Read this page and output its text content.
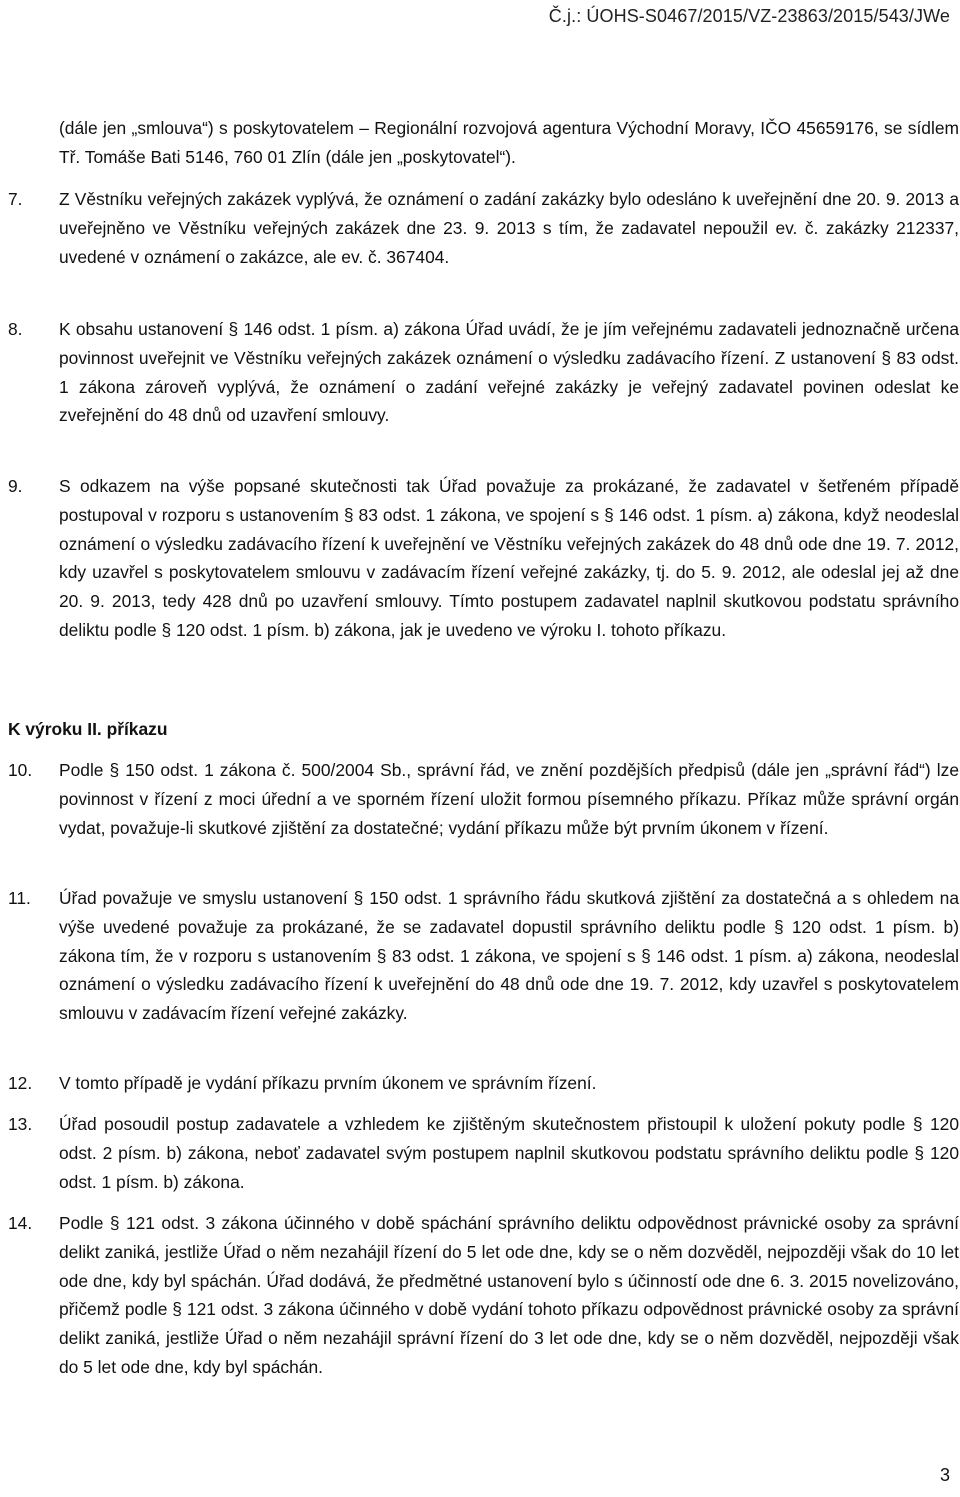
Č.j.: ÚOHS-S0467/2015/VZ-23863/2015/543/JWe
(dále jen „smlouva“) s poskytovatelem – Regionální rozvojová agentura Východní Moravy, IČO 45659176, se sídlem Tř. Tomáše Bati 5146, 760 01 Zlín (dále jen „poskytovatel“).
7. Z Věstníku veřejných zakázek vyplývá, že oznámení o zadání zakázky bylo odesláno k uveřejnění dne 20. 9. 2013 a uveřejněno ve Věstníku veřejných zakázek dne 23. 9. 2013 s tím, že zadavatel nepoužil ev. č. zakázky 212337, uvedené v oznámení o zakázce, ale ev. č. 367404.
8. K obsahu ustanovení § 146 odst. 1 písm. a) zákona Úřad uvádí, že je jím veřejnému zadavateli jednoznačně určena povinnost uveřejnit ve Věstníku veřejných zakázek oznámení o výsledku zadávacího řízení. Z ustanovení § 83 odst. 1 zákona zároveň vyplývá, že oznámení o zadání veřejné zakázky je veřejný zadavatel povinen odeslat ke zveřejnění do 48 dnů od uzavření smlouvy.
9. S odkazem na výše popsané skutečnosti tak Úřad považuje za prokázané, že zadavatel v šetřeném případě postupoval v rozporu s ustanovením § 83 odst. 1 zákona, ve spojení s § 146 odst. 1 písm. a) zákona, když neodeslal oznámení o výsledku zadávacího řízení k uveřejnění ve Věstníku veřejných zakázek do 48 dnů ode dne 19. 7. 2012, kdy uzavřel s poskytovatelem smlouvu v zadávacím řízení veřejné zakázky, tj. do 5. 9. 2012, ale odeslal jej až dne 20. 9. 2013, tedy 428 dnů po uzavření smlouvy. Tímto postupem zadavatel naplnil skutkovou podstatu správního deliktu podle § 120 odst. 1 písm. b) zákona, jak je uvedeno ve výroku I. tohoto příkazu.
K výroku II. příkazu
10. Podle § 150 odst. 1 zákona č. 500/2004 Sb., správní řád, ve znění pozdějších předpisů (dále jen „správní řád“) lze povinnost v řízení z moci úřední a ve sporném řízení uložit formou písemného příkazu. Příkaz může správní orgán vydat, považuje-li skutkové zjištění za dostatečné; vydání příkazu může být prvním úkonem v řízení.
11. Úřad považuje ve smyslu ustanovení § 150 odst. 1 správního řádu skutková zjištění za dostatečná a s ohledem na výše uvedené považuje za prokázané, že se zadavatel dopustil správního deliktu podle § 120 odst. 1 písm. b) zákona tím, že v rozporu s ustanovením § 83 odst. 1 zákona, ve spojení s § 146 odst. 1 písm. a) zákona, neodeslal oznámení o výsledku zadávacího řízení k uveřejnění do 48 dnů ode dne 19. 7. 2012, kdy uzavřel s poskytovatelem smlouvu v zadávacím řízení veřejné zakázky.
12. V tomto případě je vydání příkazu prvním úkonem ve správním řízení.
13. Úřad posoudil postup zadavatele a vzhledem ke zjištěným skutečnostem přistoupil k uložení pokuty podle § 120 odst. 2 písm. b) zákona, neboť zadavatel svým postupem naplnil skutkovou podstatu správního deliktu podle § 120 odst. 1 písm. b) zákona.
14. Podle § 121 odst. 3 zákona účinného v době spáchání správního deliktu odpovědnost právnické osoby za správní delikt zaniká, jestliže Úřad o něm nezahájil řízení do 5 let ode dne, kdy se o něm dozvěděl, nejpozději však do 10 let ode dne, kdy byl spáchán. Úřad dodává, že předmětné ustanovení bylo s účinností ode dne 6. 3. 2015 novelizováno, přičemž podle § 121 odst. 3 zákona účinného v době vydání tohoto příkazu odpovědnost právnické osoby za správní delikt zaniká, jestliže Úřad o něm nezahájil správní řízení do 3 let ode dne, kdy se o něm dozvěděl, nejpozději však do 5 let ode dne, kdy byl spáchán.
3
